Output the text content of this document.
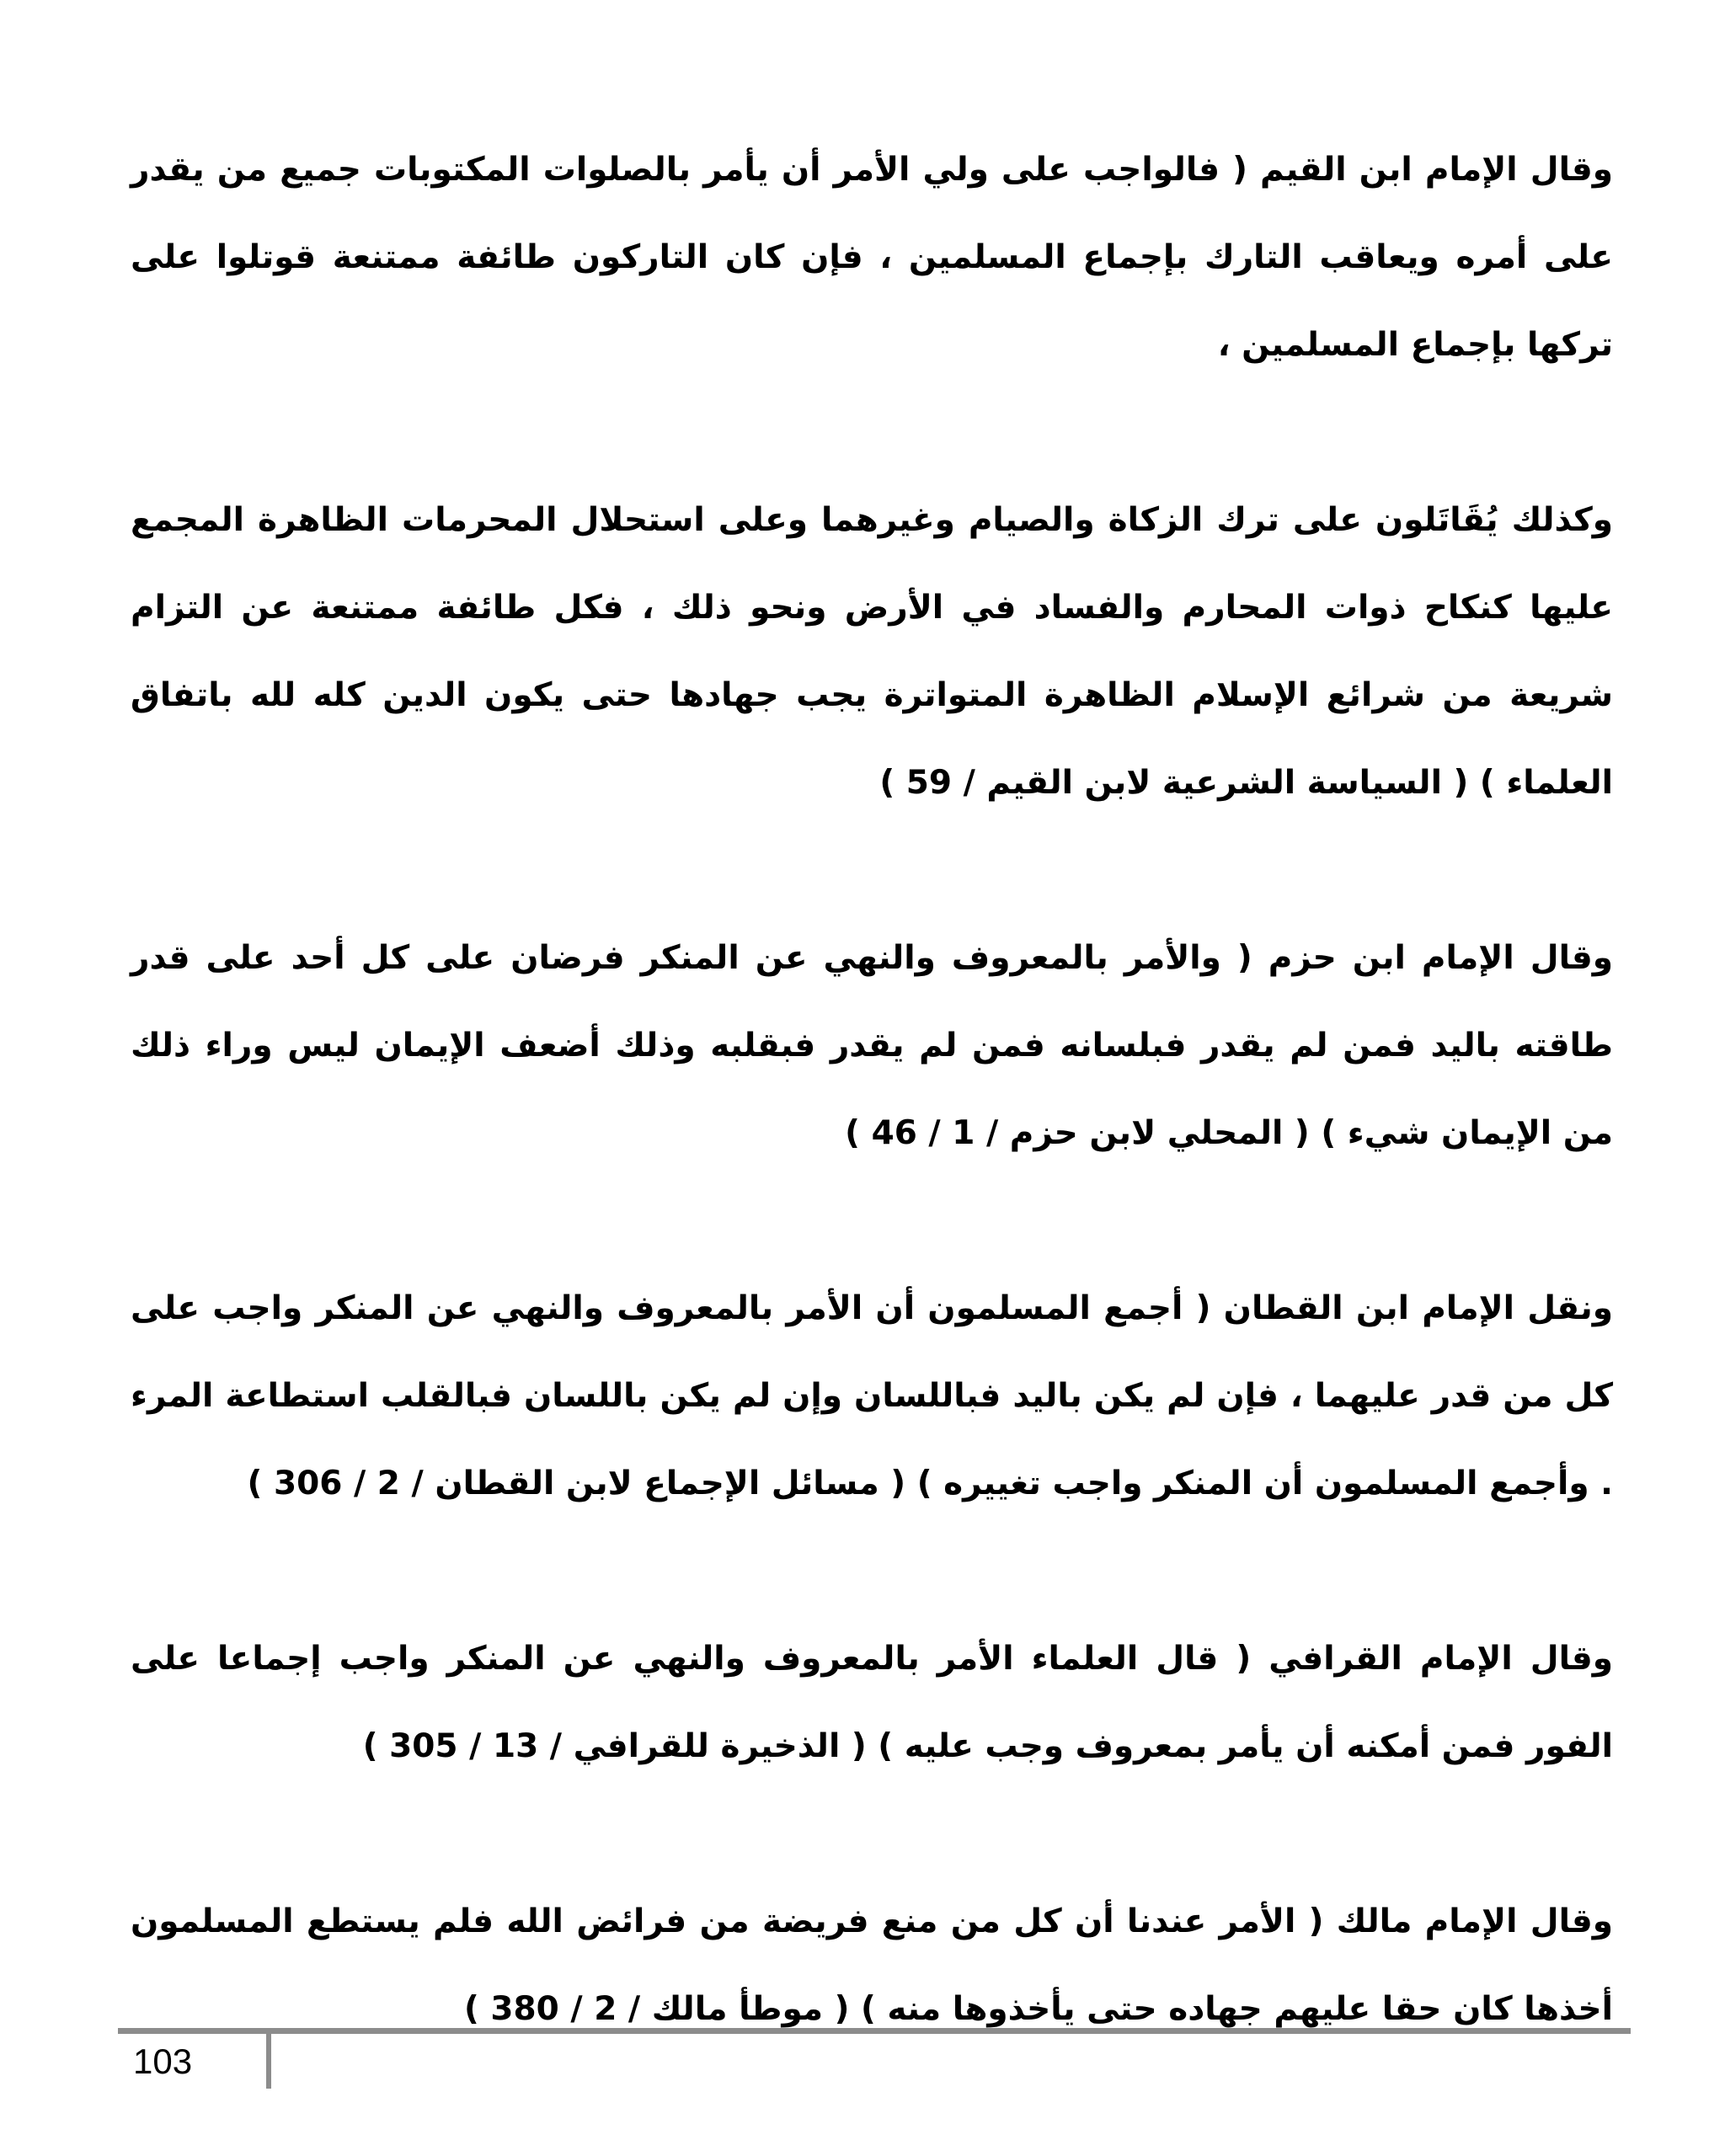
وقال الإمام ابن القيم ( فالواجب على ولي الأمر أن يأمر بالصلوات المكتوبات جميع من يقدر على أمره ويعاقب التارك بإجماع المسلمين ، فإن كان التاركون طائفة ممتنعة قوتلوا على تركها بإجماع المسلمين ،

وكذلك يُقَاتَلون على ترك الزكاة والصيام وغيرهما وعلى استحلال المحرمات الظاهرة المجمع عليها كنكاح ذوات المحارم والفساد في الأرض ونحو ذلك ، فكل طائفة ممتنعة عن التزام شريعة من شرائع الإسلام الظاهرة المتواترة يجب جهادها حتى يكون الدين كله لله باتفاق العلماء ) ( السياسة الشرعية لابن القيم / 59 )

وقال الإمام ابن حزم ( والأمر بالمعروف والنهي عن المنكر فرضان على كل أحد على قدر طاقته باليد فمن لم يقدر فبلسانه فمن لم يقدر فبقلبه وذلك أضعف الإيمان ليس وراء ذلك من الإيمان شيء ) ( المحلي لابن حزم / 1 / 46 )

ونقل الإمام ابن القطان ( أجمع المسلمون أن الأمر بالمعروف والنهي عن المنكر واجب على كل من قدر عليهما ، فإن لم يكن باليد فباللسان وإن لم يكن باللسان فبالقلب استطاعة المرء . وأجمع المسلمون أن المنكر واجب تغييره ) ( مسائل الإجماع لابن القطان / 2 / 306 )

وقال الإمام القرافي ( قال العلماء الأمر بالمعروف والنهي عن المنكر واجب إجماعا على الفور فمن أمكنه أن يأمر بمعروف وجب عليه ) ( الذخيرة للقرافي / 13 / 305 )

وقال الإمام مالك ( الأمر عندنا أن كل من منع فريضة من فرائض الله فلم يستطع المسلمون أخذها كان حقا عليهم جهاده حتى يأخذوها منه ) ( موطأ مالك / 2 / 380 )

103
